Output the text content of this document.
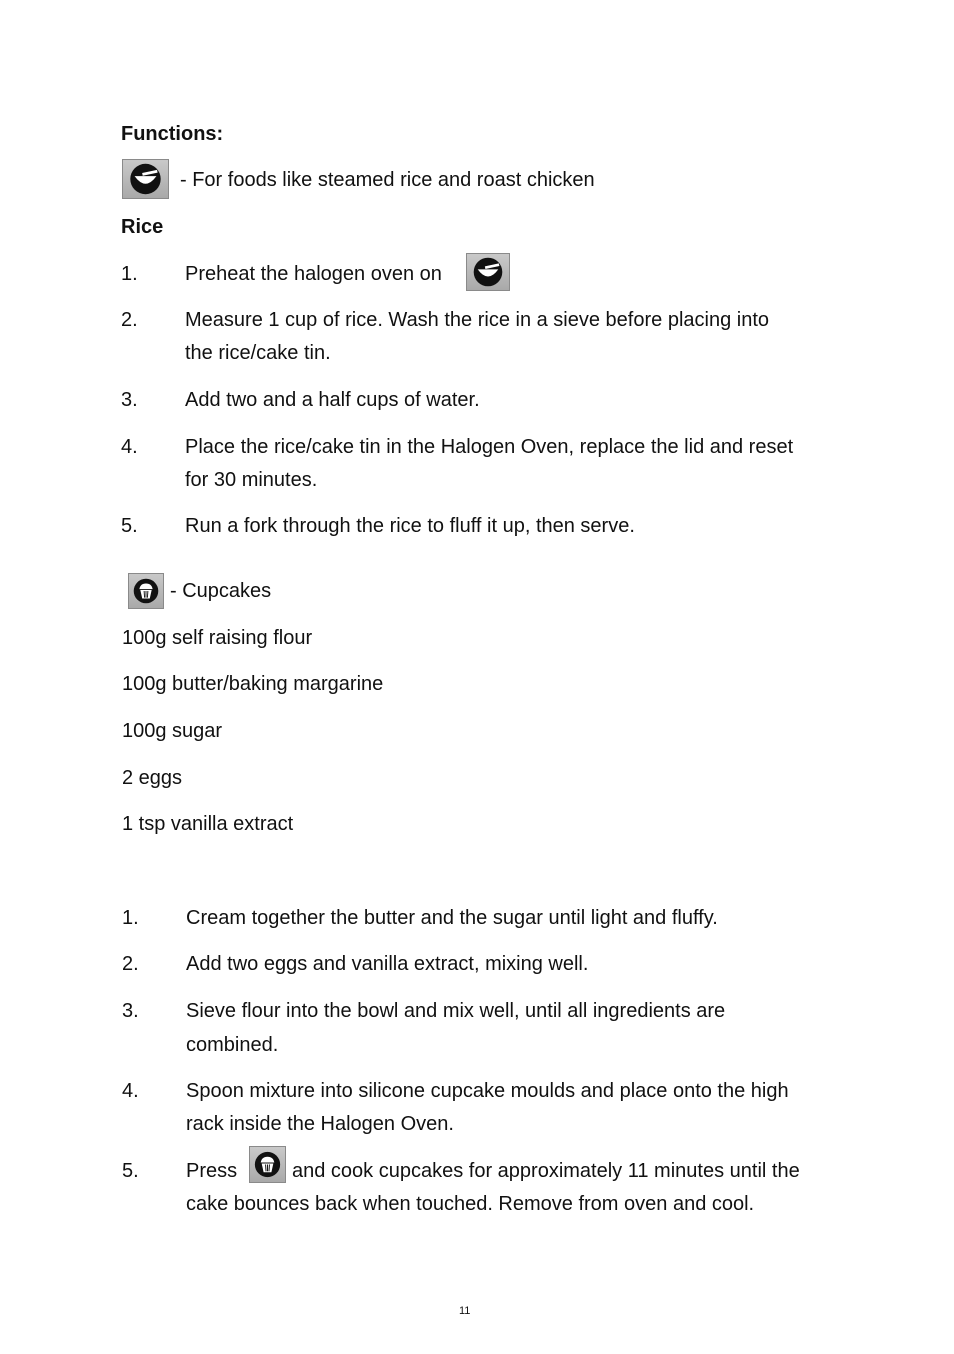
Functions:
- For foods like steamed rice and roast chicken
Rice
1. Preheat the halogen oven on
2. Measure 1 cup of rice. Wash the rice in a sieve before placing into
the rice/cake tin.
3. Add two and a half cups of water.
4. Place the rice/cake tin in the Halogen Oven, replace the lid and reset
for 30 minutes.
5. Run a fork through the rice to fluff it up, then serve.
- Cupcakes
100g self raising flour
100g butter/baking margarine
100g sugar
2 eggs
1 tsp vanilla extract
1. Cream together the butter and the sugar until light and fluffy.
2. Add two eggs and vanilla extract, mixing well.
3. Sieve flour into the bowl and mix well, until all ingredients are
combined.
4. Spoon mixture into silicone cupcake moulds and place onto the high
rack inside the Halogen Oven.
5. Press	and cook cupcakes for approximately 11 minutes until the
cake bounces back when touched. Remove from oven and cool.
11
